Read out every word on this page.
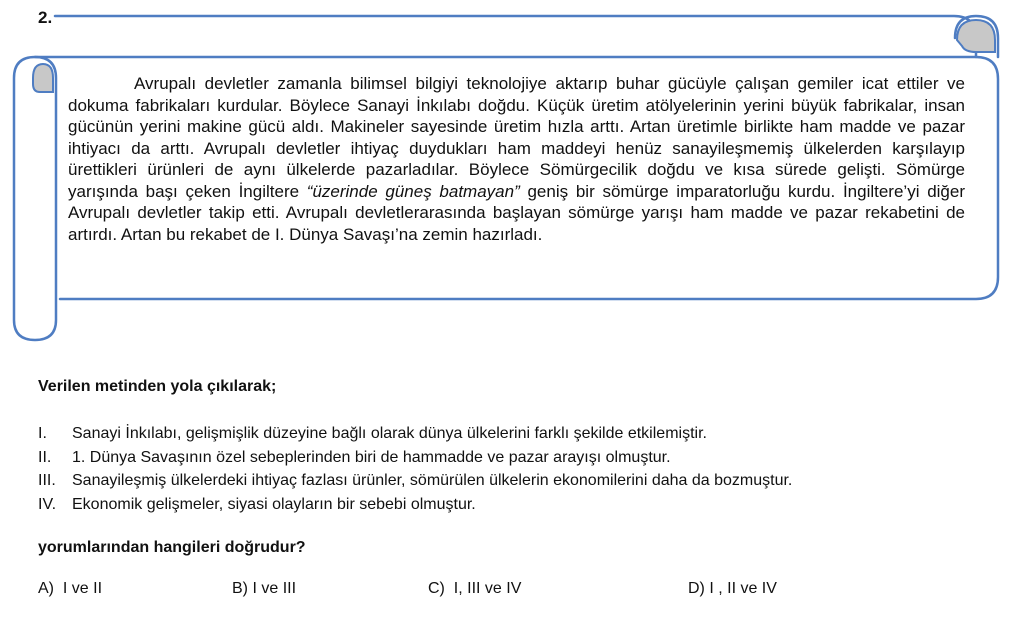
2.

Avrupalı devletler zamanla bilimsel bilgiyi teknolojiye aktarıp buhar gücüyle çalışan gemiler icat ettiler ve dokuma fabrikaları kurdular. Böylece Sanayi İnkılabı doğdu. Küçük üretim atölyelerinin yerini büyük fabrikalar, insan gücünün yerini makine gücü aldı. Makineler sayesinde üretim hızla arttı. Artan üretimle birlikte ham madde ve pazar ihtiyacı da arttı. Avrupalı devletler ihtiyaç duydukları ham maddeyi henüz sanayileşmemiş ülkelerden karşılayıp ürettikleri ürünleri de aynı ülkelerde pazarladılar. Böylece Sömürgecilik doğdu ve kısa sürede gelişti. Sömürge yarışında başı çeken İngiltere “üzerinde güneş batmayan” geniş bir sömürge imparatorluğu kurdu. İngiltere’yi diğer Avrupalı devletler takip etti. Avrupalı devletlerarasında başlayan sömürge yarışı ham madde ve pazar rekabetini de artırdı. Artan bu rekabet de I. Dünya Savaşı’na zemin hazırladı.

Verilen metinden yola çıkılarak;
I. Sanayi İnkılabı, gelişmişlik düzeyine bağlı olarak dünya ülkelerini farklı şekilde etkilemiştir.
II. 1. Dünya Savaşının özel sebeplerinden biri de hammadde ve pazar arayışı olmuştur.
III. Sanayileşmiş ülkelerdeki ihtiyaç fazlası ürünler, sömürülen ülkelerin ekonomilerini daha da bozmuştur.
IV. Ekonomik gelişmeler, siyasi olayların bir sebebi olmuştur.
yorumlarından hangileri doğrudur?
A) I ve II	B) I ve III	C) I, III ve IV	D) I , II ve IV
